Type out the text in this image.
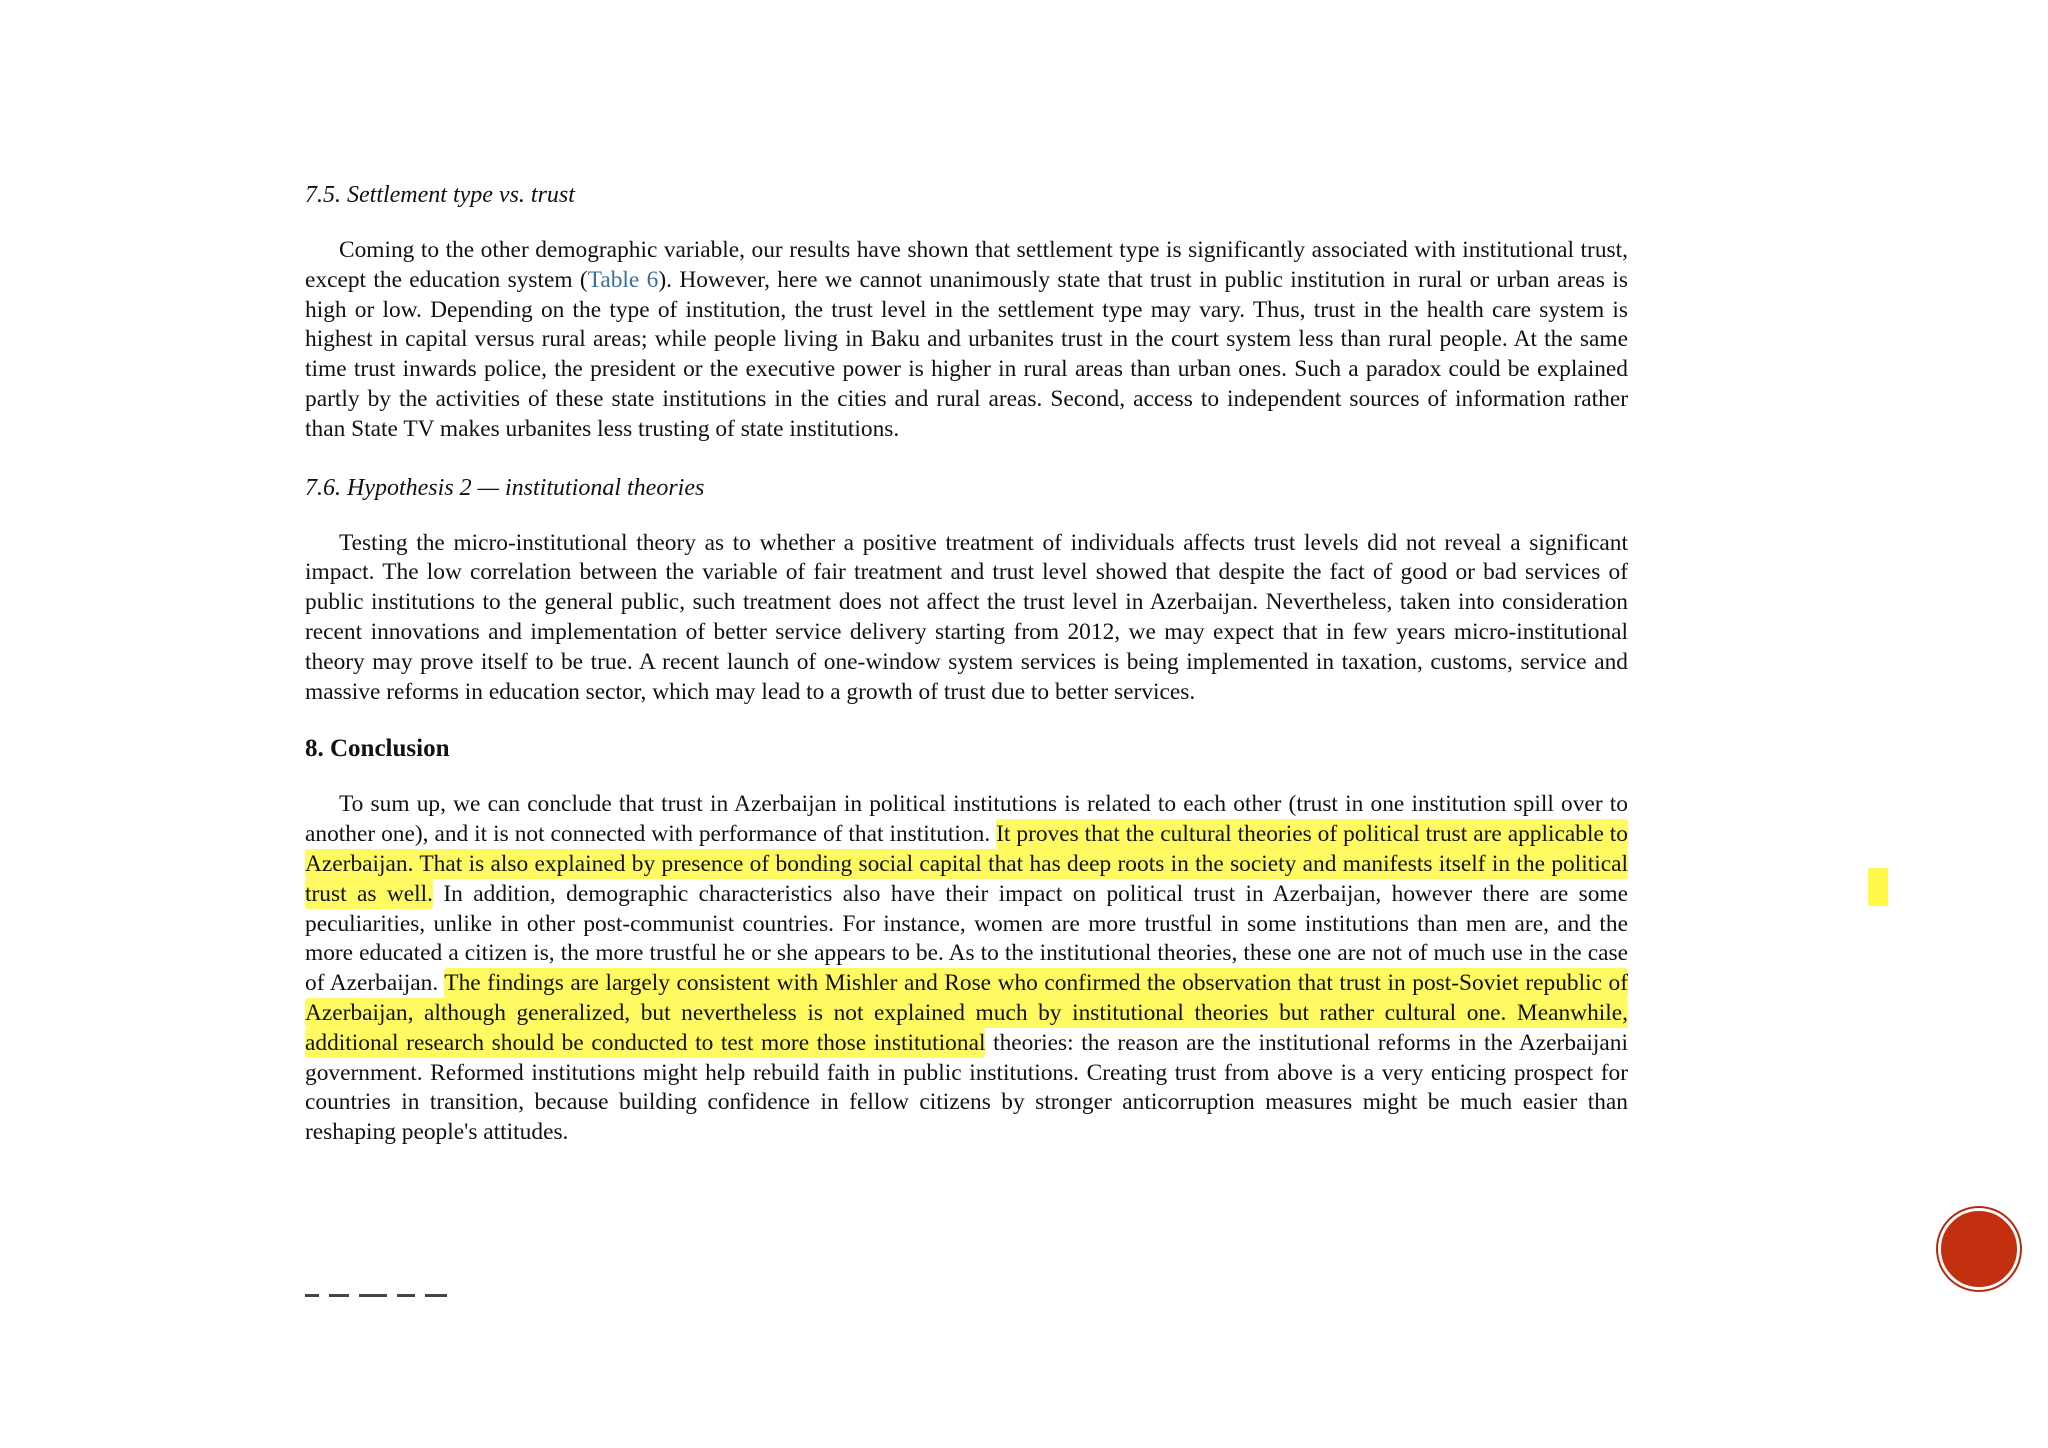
7.5. Settlement type vs. trust

Coming to the other demographic variable, our results have shown that settlement type is significantly associated with institutional trust, except the education system (Table 6). However, here we cannot unanimously state that trust in public institution in rural or urban areas is high or low. Depending on the type of institution, the trust level in the settlement type may vary. Thus, trust in the health care system is highest in capital versus rural areas; while people living in Baku and urbanites trust in the court system less than rural people. At the same time trust inwards police, the president or the executive power is higher in rural areas than urban ones. Such a paradox could be explained partly by the activities of these state institutions in the cities and rural areas. Second, access to independent sources of information rather than State TV makes urbanites less trusting of state institutions.

7.6. Hypothesis 2 — institutional theories

Testing the micro-institutional theory as to whether a positive treatment of individuals affects trust levels did not reveal a significant impact. The low correlation between the variable of fair treatment and trust level showed that despite the fact of good or bad services of public institutions to the general public, such treatment does not affect the trust level in Azerbaijan. Nevertheless, taken into consideration recent innovations and implementation of better service delivery starting from 2012, we may expect that in few years micro-institutional theory may prove itself to be true. A recent launch of one-window system services is being implemented in taxation, customs, service and massive reforms in education sector, which may lead to a growth of trust due to better services.

8. Conclusion

To sum up, we can conclude that trust in Azerbaijan in political institutions is related to each other (trust in one institution spill over to another one), and it is not connected with performance of that institution. It proves that the cultural theories of political trust are applicable to Azerbaijan. That is also explained by presence of bonding social capital that has deep roots in the society and manifests itself in the political trust as well. In addition, demographic characteristics also have their impact on political trust in Azerbaijan, however there are some peculiarities, unlike in other post-communist countries. For instance, women are more trustful in some institutions than men are, and the more educated a citizen is, the more trustful he or she appears to be. As to the institutional theories, these one are not of much use in the case of Azerbaijan. The findings are largely consistent with Mishler and Rose who confirmed the observation that trust in post-Soviet republic of Azerbaijan, although generalized, but nevertheless is not explained much by institutional theories but rather cultural one. Meanwhile, additional research should be conducted to test more those institutional theories: the reason are the institutional reforms in the Azerbaijani government. Reformed institutions might help rebuild faith in public institutions. Creating trust from above is a very enticing prospect for countries in transition, because building confidence in fellow citizens by stronger anticorruption measures might be much easier than reshaping people's attitudes.
